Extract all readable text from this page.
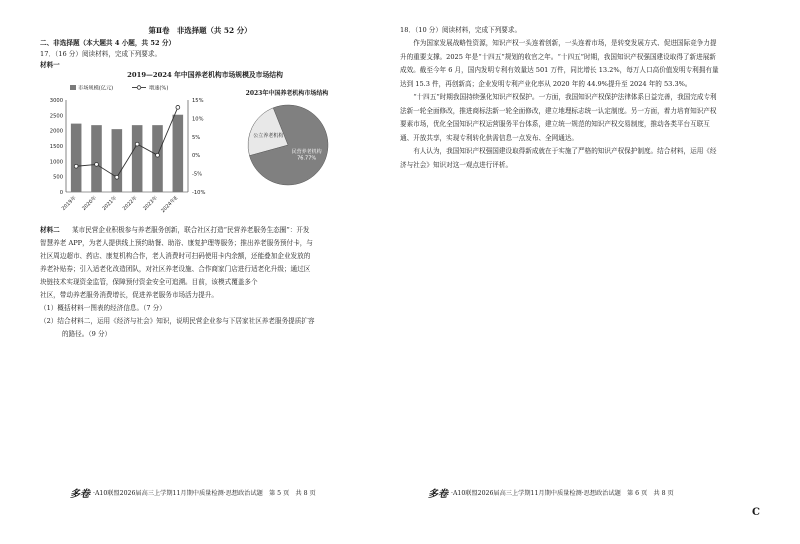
第Ⅱ卷　非选择题（共 52 分）
二、非选择题（本大题共 4 小题，共 52 分）
17．（16 分）阅读材料，完成下列要求。
材料一
2019—2024 年中国养老机构市场规模及市场结构
市场规模(亿元)	增速(%)
0
500
1000
1500
2000
2500
3000	15%
10%
5%
0%
-5%
-10%
2019年 2020年 2021年 2022年 2023年 2024年E
2023年中国养老机构市场结构
民营养老机构
76.77%
公立养老机构
材料二 某市民营企业积极参与养老服务创新，联合社区打造“民营养老服务生态圈”：开发
智慧养老 APP，为老人提供线上预约助餐、助浴、康复护理等服务；推出养老服务预付卡，与
社区周边超市、药店、康复机构合作，老人消费时可扫码使用卡内余额，还能叠加企业发放的
养老补贴券；引入适老化改造团队，对社区养老设施、合作商家门店进行适老化升级；通过区
块链技术实现资金监管，保障预付资金安全可追溯。目前，该模式覆盖多个
社区，带动养老服务消费增长，促进养老服务市场活力提升。
（1）概括材料一图表的经济信息。（7 分）
（2）结合材料二，运用《经济与社会》知识，说明民营企业参与下居家社区养老服务提质扩容
的路径。（9 分）
多卷 ·A10联盟2026届高三上学期11月期中质量检测·思想政治试题　第 5 页　共 8 页
18．（10 分）阅读材料，完成下列要求。
作为国家发展战略性资源，知识产权一头连着创新，一头连着市场，是转变发展方式、促进国际竞争力提升的重要支撑。2025 年是“十四五”规划的收官之年。“十四五”时期，我国知识产权强国建设取得了新进展新成效。截至今年 6 月，国内发明专利有效量达 501 万件，同比增长 13.2%，每万人口高价值发明专利拥有量达到 15.3 件，再创新高；企业发明专利产业化率从 2020 年的 44.9%提升至 2024 年的 53.3%。
“十四五”时期我国持续强化知识产权保护。一方面，我国知识产权保护法律体系日益完善，我国完成专利法新一轮全面修改，推进商标法新一轮全面修改，建立地理标志统一认定制度。另一方面，着力培育知识产权要素市场，优化全国知识产权运营服务平台体系，建立统一规范的知识产权交易制度，推动各类平台互联互通、开放共享，实现专利转化供需信息一点发布、全网通达。
有人认为，我国知识产权强国建设取得新成就在于实施了严格的知识产权保护制度。结合材料，运用《经济与社会》知识对这一观点进行评析。
多卷 ·A10联盟2026届高三上学期11月期中质量检测·思想政治试题　第 6 页　共 8 页
C
